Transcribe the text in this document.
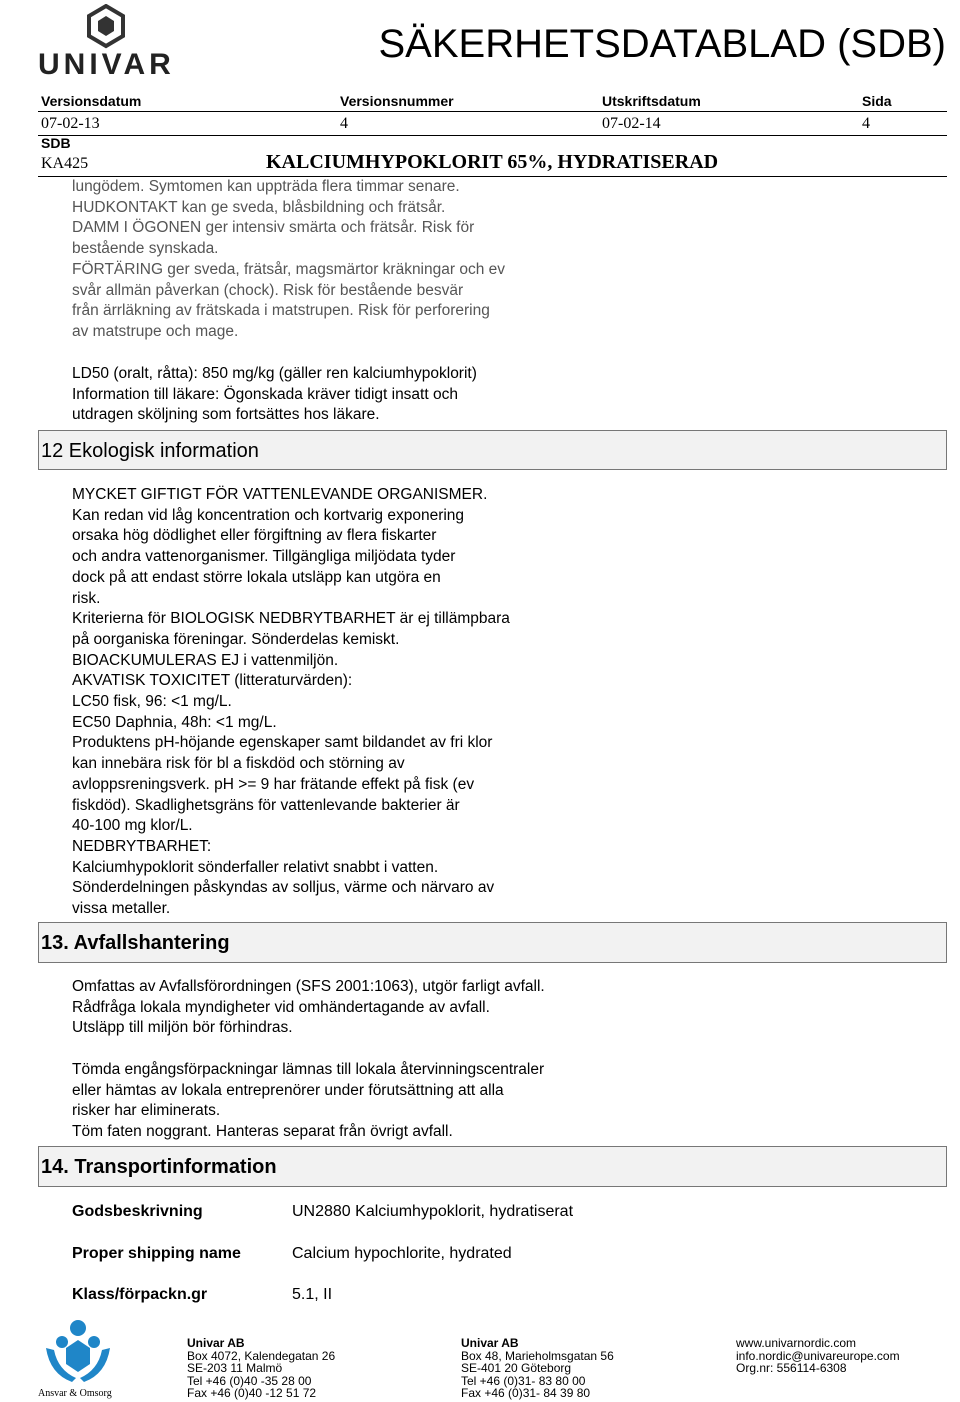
UNIVAR	SÄKERHETSDATABLAD (SDB)
Versionsdatum	Versionsnummer	Utskriftsdatum	Sida
07-02-13	4	07-02-14	4
SDB
KA425	KALCIUMHYPOKLORIT 65%, HYDRATISERAD

lungödem. Symtomen kan uppträda flera timmar senare.
HUDKONTAKT kan ge sveda, blåsbildning och frätsår.
DAMM I ÖGONEN ger intensiv smärta och frätsår. Risk för
bestående synskada.
FÖRTÄRING ger sveda, frätsår, magsmärtor kräkningar och ev
svår allmän påverkan (chock). Risk för bestående besvär
från ärrläkning av frätskada i matstrupen. Risk för perforering
av matstrupe och mage.

LD50 (oralt, råtta): 850 mg/kg (gäller ren kalciumhypoklorit)
Information till läkare: Ögonskada kräver tidigt insatt och
utdragen sköljning som fortsättes hos läkare.

12 Ekologisk information

MYCKET GIFTIGT FÖR VATTENLEVANDE ORGANISMER.
Kan redan vid låg koncentration och kortvarig exponering
orsaka hög dödlighet eller förgiftning av flera fiskarter
och andra vattenorganismer. Tillgängliga miljödata tyder
dock på att endast större lokala utsläpp kan utgöra en
risk.
Kriterierna för BIOLOGISK NEDBRYTBARHET är ej tillämpbara
på oorganiska föreningar. Sönderdelas kemiskt.
BIOACKUMULERAS EJ i vattenmiljön.
AKVATISK TOXICITET (litteraturvärden):
LC50 fisk, 96: <1 mg/L.
EC50 Daphnia, 48h: <1 mg/L.
Produktens pH-höjande egenskaper samt bildandet av fri klor
kan innebära risk för bl a fiskdöd och störning av
avloppsreningsverk. pH >= 9 har frätande effekt på fisk (ev
fiskdöd). Skadlighetsgräns för vattenlevande bakterier är
40-100 mg klor/L.
NEDBRYTBARHET:
Kalciumhypoklorit sönderfaller relativt snabbt i vatten.
Sönderdelningen påskyndas av solljus, värme och närvaro av
vissa metaller.

13. Avfallshantering

Omfattas av Avfallsförordningen (SFS 2001:1063), utgör farligt avfall.
Rådfråga lokala myndigheter vid omhändertagande av avfall.
Utsläpp till miljön bör förhindras.

Tömda engångsförpackningar lämnas till lokala återvinningscentraler
eller hämtas av lokala entreprenörer under förutsättning att alla
risker har eliminerats.
Töm faten noggrant. Hanteras separat från övrigt avfall.

14. Transportinformation
Godsbeskrivning	UN2880 Kalciumhypoklorit, hydratiserat
Proper shipping name	Calcium hypochlorite, hydrated
Klass/förpackn.gr	5.1, II
Ansvar & Omsorg
Univar AB

Box 4072, Kalendegatan 26
SE-203 11 Malmö
Tel +46 (0)40 -35 28 00
Fax +46 (0)40 -12 51 72

Univar AB

Box 48, Marieholmsgatan 56
SE-401 20 Göteborg
Tel +46 (0)31- 83 80 00
Fax +46 (0)31- 84 39 80

www.univarnordic.com
info.nordic@univareurope.com
Org.nr: 556114-6308
